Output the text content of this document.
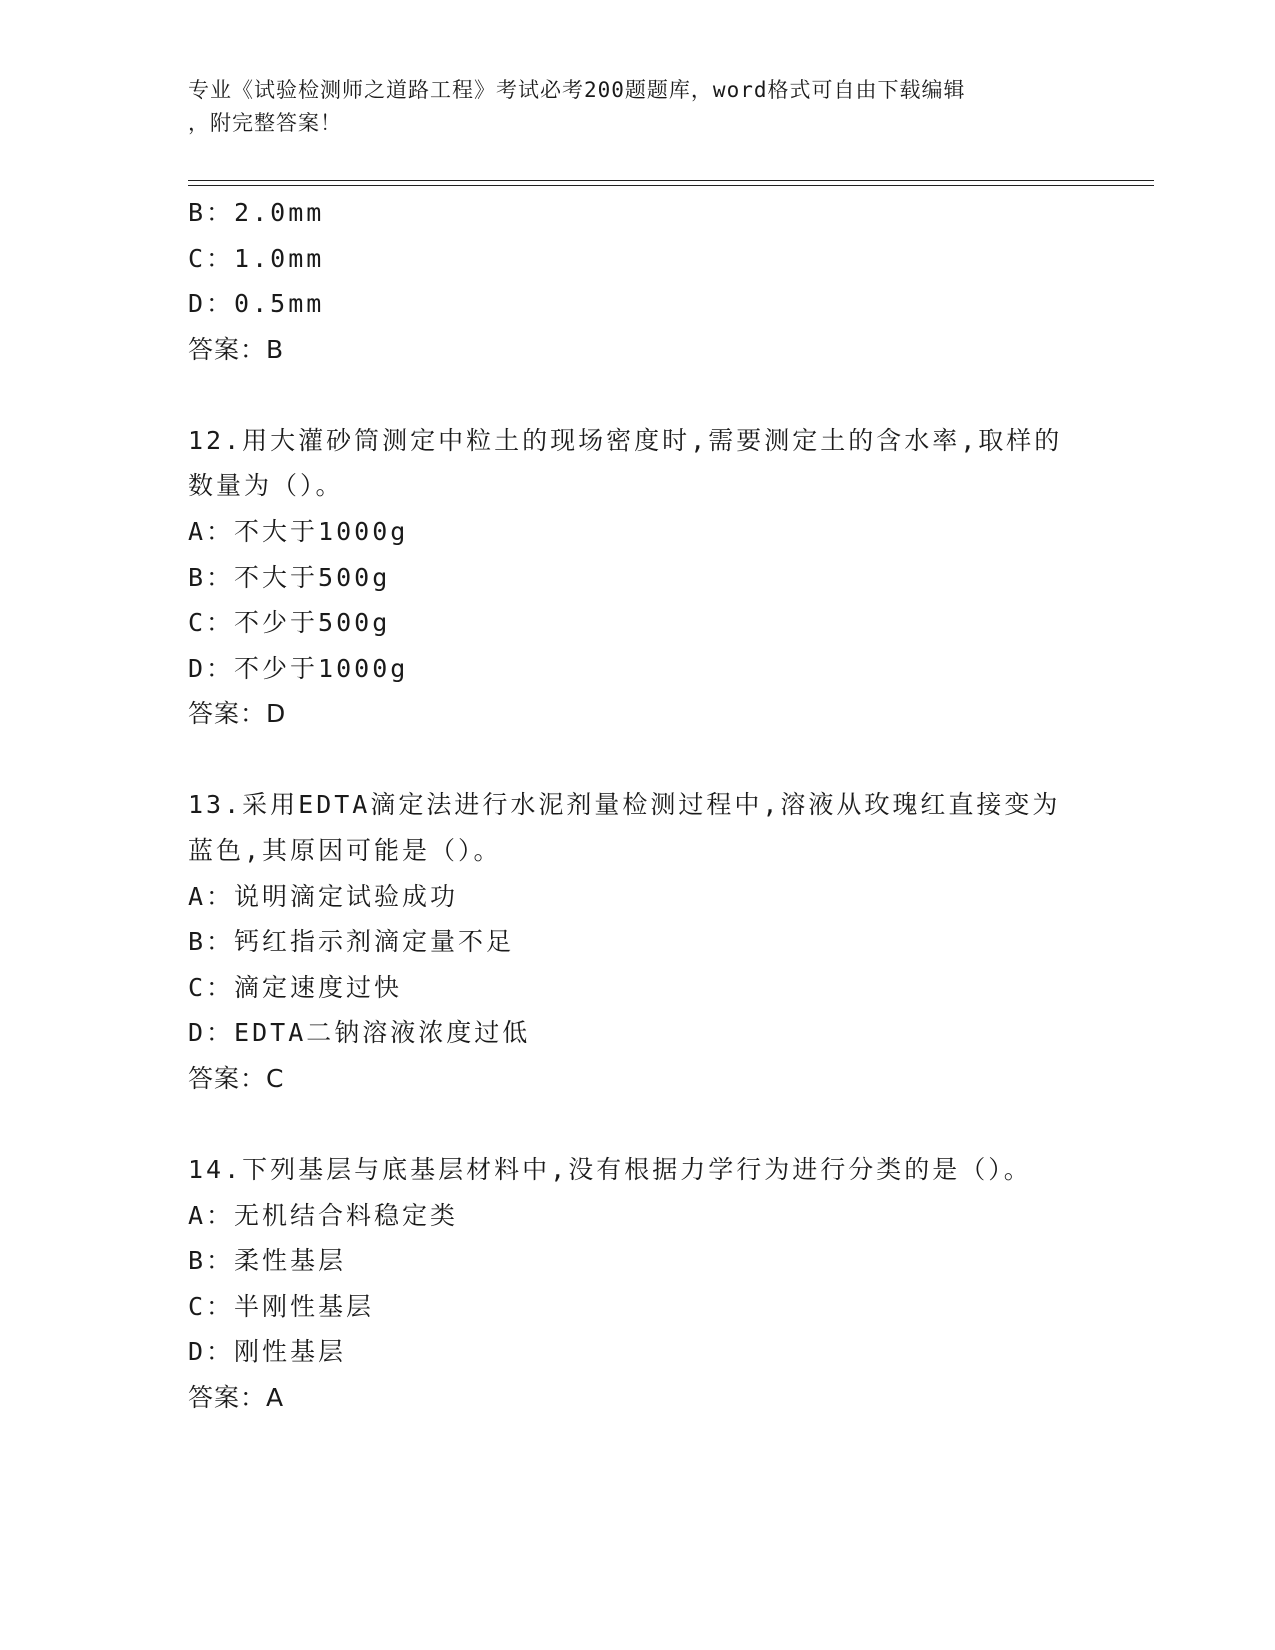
专业《试验检测师之道路工程》考试必考200题题库，word格式可自由下载编辑
，附完整答案！
B：2.0mm
C：1.0mm
D：0.5mm
答案：B
12.用大灌砂筒测定中粒土的现场密度时,需要测定土的含水率,取样的
数量为（）。
A：不大于1000g
B：不大于500g
C：不少于500g
D：不少于1000g
答案：D
13.采用EDTA滴定法进行水泥剂量检测过程中,溶液从玫瑰红直接变为
蓝色,其原因可能是（）。
A：说明滴定试验成功
B：钙红指示剂滴定量不足
C：滴定速度过快
D：EDTA二钠溶液浓度过低
答案：C
14.下列基层与底基层材料中,没有根据力学行为进行分类的是（）。
A：无机结合料稳定类
B：柔性基层
C：半刚性基层
D：刚性基层
答案：A
